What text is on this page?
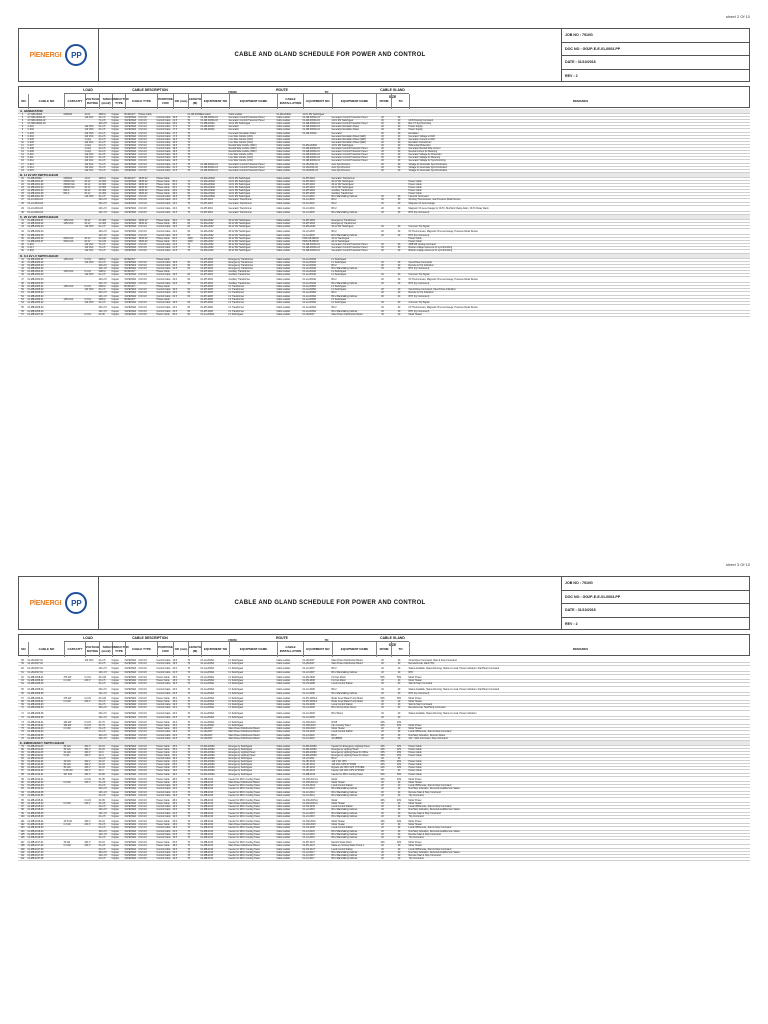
sheet 2 Of 10
PlENERGI	PP	CABLE AND GLAND SCHEDULE FOR POWER AND CONTROL
JOB NO : 7910G
DOC NO : GG2P-E-E-01-0003-PP
DATE : 31/10/2016
REV : 2
LOAD	CABLE DESCRIPTION	ROUTE	CABLE GLAND SIZE
FROM	TO
NO	CABLE NO	CAPACITY VOLTAGE RATING
SIZE (mm2)
CONDUCTOR TYPE	CABLE TYPE	PURPOSE FOR	OD (mm) LENGTH (M)	EQUIPMENT NO	EQUIPMENT NAME	CABLE INSTALLATION	EQUIPMENT NO	EQUIPMENT NAME	FROM	TO	REMARKS
A. GENERATOR
1	GT-MB-2000A	220MVA	11 kV	1000 A	Copper	BUSDUCT	Phase Cable	01-GB-2000A
Generator	Cable Ladder	01-MG-2000A	11 kV MV Switchgear
2	GT-MB-2000A-01	110 VAC	4C-2.5	Copper	XLPE/SWA	0.6/1 kV	Control Cable 19.5	70	01-GB-2000A-01	Generator Control Protection Panel	Cable Ladder	01-GB-2000A-01	Generator Control Protection Panel	20	20
3	GT-MB-2000A-02	7C-2.5	Copper	XLPE/SWA	0.6/1 kV	Control Cable 21.5	70	01-GB-2000A-02	Generator Control Protection Panel	Cable Ladder	01-GB-2000A-02	11 kV MV Switchgear	20	20	GCB Closing Command
4	GT-MB-2000A-03	10C-2.5	Copper	XLPE/SWA	0.6/1 kV	Control Cable 23.0	70	01-MB-2000A	11 kV MV Switchgear	Cable Ladder	01-GB-2000A-01	Generator Control Protection Panel	20	20	Bus VT Synchronizing
5	C-001	110 VDC	2C-2.5	Copper	XLPE/SWA	0.6/1 kV	Control Cable 17.5	70	01-GB-2000A	Generator	Cable Ladder	01-GB-2000A-01	Generator Excitation Panel	20	20	Power Supply
6	C-002	110 VDC	2C-2.5	Copper	XLPE/SWA	0.6/1 kV	Control Cable 17.5	70	01-GB-2000A	Generator	Cable Ladder	01-GB-2000A-01	Generator Excitation Panel	20	20	Power Supply
7	C-003	110 VDC	2C-2.5	Copper	XLPE/SWA	0.6/1 kV	Control Cable 17.5	70	Generator Excitation Panel	Cable Ladder	01-GB-2000A	Generator	20	20	Excitation
8	C-004	110 VDC	2C-2.5	Copper	XLPE/SWA	0.6/1 kV	Control Cable 17.5	70	Line Side Cubicle (LSC)	Cable Ladder	Generator Excitation Panel (GEP)	20	20	Generator Voltage to AVR
9	C-005	1 Amp	4C-2.5	Copper	XLPE/SWA	0.6/1 kV	Control Cable 19.5	70	Line Side Cubicle (LSC)	Cable Ladder	Generator Excitation Panel (GEP)	20	20	Generator Current to AVR
10	C-006	110 VAC	4C-2.5	Copper	XLPE/SWA	0.6/1 kV	Control Cable 19.5	70	Line Side Cubicle (LSC)	Cable Ladder	Generator Excitation Panel (GEP)	20	20	Excitation Transformer
11	C-007	1 Amp	4C-2.5	Copper	XLPE/SWA	0.6/1 kV	Control Cable 19.5	70	Neutral Side Cubicle (NSC)	Cable Ladder	01-MG-2000A	11 kV MV Switchgear	20	20	Differential Protection
12	C-008	1 Amp	4C-2.5	Copper	XLPE/SWA	0.6/1 kV	Control Cable 19.5	70	Neutral Side Cubicle (NSC)	Cable Ladder	01-GB-2000A-01	Generator Control Protection Panel	20	20	Generator Neutral Side Current
13	C-009	1 Amp	4C-2.5	Copper	XLPE/SWA	0.6/1 kV	Control Cable 19.5	70	Neutral Side Cubicle (NSC)	Cable Ladder	01-GB-2000A-01	Generator Control Protection Panel	20	20	Neutral Current for Metering
14	C-010	110 VAC	4C-2.5	Copper	XLPE/SWA	0.6/1 kV	Control Cable 19.5	70	Line Side Cubicle (LSC)	Cable Ladder	01-GB-2000A-01	Generator Control Protection Panel	20	20	Generator Voltage for Protection
15	C-011	110 VAC	4C-2.5	Copper	XLPE/SWA	0.6/1 kV	Control Cable 19.5	70	Line Side Cubicle (LSC)	Cable Ladder	01-GB-2000A-01	Generator Control Protection Panel	20	20	Generator Voltage for Metering
16	C-012	110 VAC	4C-2.5	Copper	XLPE/SWA	0.6/1 kV	Control Cable 19.5	70	Line Side Cubicle (LSC)	Cable Ladder	01-GB-2000A-01	Generator Control Protection Panel	20	20	Generator Voltage for Synchronizing
17	C-013	110 VAC	7C-2.5	Copper	XLPE/SWA	0.6/1 kV	Control Cable 21.5	70	01-GB-2000A-01	Generator Control Protection Panel	Cable Ladder	01-LB-2001-01	Auto Synchronizer	20	20	Voltage for Automatic Synchronization
18	C-014	110 VAC	7C-2.5	Copper	XLPE/SWA	0.6/1 kV	Control Cable 21.5	70	01-GB-2000A-01	Generator Control Protection Panel	Cable Ladder	01-LB-2001-02	Auto Synchronizer	20	20	Voltage for Automatic Synchronization
19	C-015	110 VAC	7C-2.5	Copper	XLPE/SWA	0.6/1 kV	Control Cable 21.5	70	01-GB-2000A-01	Generator Control Protection Panel	Cable Ladder	01-LB-2001-03	Auto Synchronizer	20	20	Voltage for Automatic Synchronization
B. 11 kV MV SWITCHGEAR
20	01-MB-2000A	220MVA	11 kV	1000 A	Copper	BUSDUCT	18/30 kV	Phase Cable	01-MG-2000A	11 kV MV Switchgear	Cable Ladder	01-MT-2001	Generator Transformer
21	01-MB-2001-01	25000 kVA	20 kV	1C-500	Copper	XLPE/SWA	18/30 kV	Phase Cable	60.0	70	01-MG-2000A	11 kV MV Switchgear	Cable Ladder	01-MT-2001	20 kV MV Switchgear	Power Cable
22	01-MB-2001-02	25000 kVA	20 kV	1C-500	Copper	XLPE/SWA	18/30 kV	Phase Cable	60.0	70	01-MG-2000A	11 kV MV Switchgear	Cable Ladder	01-MT-2001	20 kV MV Switchgear	Power Cable
23	01-MB-2001-03	25000 kVA	20 kV	1C-500	Copper	XLPE/SWA	18/30 kV	Phase Cable	60.0	70	01-MG-2000A	11 kV MV Switchgear	Cable Ladder	01-MT-2001	20 kV MV Switchgear	Power Cable
24	01-MB-2001-04	800 A	20 kV	1C-300	Copper	XLPE/SWA	18/30 kV	Phase Cable	48.0	50	01-MG-2000A	11 kV MV Switchgear	Cable Ladder	01-MT-2002	Auxiliary Transformer	Power Cable
25	01-MB-2001-05	800 A	20 kV	1C-300	Copper	XLPE/SWA	18/30 kV	Phase Cable	48.0	50	01-MG-2000A	11 kV MV Switchgear	Cable Ladder	01-MT-2002	Auxiliary Transformer	Power Cable
26	01-MB-2001-06	110 VDC	4C-2.5	Copper	XLPE/SWA	0.6/1 kV	Control Cable 19.5	70	01-MG-2000A	11 kV MV Switchgear	Cable Ladder	01-LU-2001	BCU Marshalling Cabinet	20	20	Interlock Command
27	01-LU-2001-01	10C-2.5	Copper	XLPE/SWA	0.6/1 kV	Control Cable 23.0	70	01-MT-2001	Generator Transformer	Cable Ladder	01-LU-2001	BCU	20	20	Winding Thermometer, Gas Pressure Relief Device
28	01-LU-2001-02	10C-2.5	Copper	XLPE/SWA	0.6/1 kV	Control Cable 23.0	70	01-MT-2001	Generator Transformer	Cable Ladder	01-LU-2001	BCU	20	20	Magnetic Oil Level Gauge
29	01-LU-2001-03	10C-2.5	Copper	XLPE/SWA	0.6/1 kV	Control Cable 23.0	70	01-MT-2001	Generator Transformer	Cable Ladder	01-LU-2001	BCU	20	20	Magnetic Oil Level Gauge for OLTC, Buchholz Relay Alarm, OLTC Relay Alarm
30	01-LU-2001-04	12C-1.5	Copper	XLPE/SWA	0.6/1 kV	Control Cable 22.5	70	01-MT-2001	Generator Transformer	Cable Ladder	01-LU-2001	BCU Marshalling Cabinet	20	20	RTD (by Instrument)
C. 20 kV MV SWITCHGEAR
31	01-MB-2002-01	1250 kVA	20 kV	1C-300	Copper	XLPE/SWA	18/30 kV	Phase Cable	48.0	60	01-MG-2002	20 kV MV Switchgear	Cable Ladder	01-MT-2003	Emergency Transformer
32	01-MB-2002-02	1250 kVA	20 kV	1C-300	Copper	XLPE/SWA	18/30 kV	Phase Cable	48.0	60	01-MG-2002	20 kV MV Switchgear	Cable Ladder	01-MT-2003	Emergency Transformer
33	01-MB-2002-03	110 VDC	4C-2.5	Copper	XLPE/SWA	0.6/1 kV	Control Cable 19.5	60	01-MG-2002	20 kV MV Switchgear	Cable Ladder	01-MG-2002	20 kV MV Switchgear	20	20	Common Trip Signal
34	01-MB-2002-04	10C-2.5	Copper	XLPE/SWA	0.6/1 kV	Control Cable 23.0	60	01-MG-2002	20 kV MV Switchgear	Cable Ladder	01-LU-2003	BCU	20	20	Oil Thermometer, Magnetic Oil Level Gauge, Pressure Relief Device
35	01-MB-2002-05	12C-1.5	Copper	XLPE/SWA	0.6/1 kV	Control Cable 22.5	60	01-MG-2002	20 kV MV Switchgear	Cable Ladder	01-LU-2003	BCU Marshalling Cabinet	20	20	RTD (by Instrument)
36	01-MB-2002-06	2000 kVA	20 kV	3C-120	Copper	XLPE/SWA	18/30 kV	Phase Cable	60.0	1000	01-MG-2002	20 kV MV Switchgear	Cable Ladder	PRD-CB-MB-02	20 kV Switchgear	Power Cable
37	01-MB-2002-07	2000 kVA	20 kV	3C-120	Copper	XLPE/SWA	18/30 kV	Phase Cable	60.0	1000	01-MG-2002	20 kV MV Switchgear	Cable Ladder	PRD-CB-MB-02	20 kV Switchgear	Power Cable
38	C-016	110 VAC	7C-2.5	Copper	XLPE/SWA	0.6/1 kV	Control Cable 21.5	70	01-MG-2002	20 kV MV Switchgear	Cable Ladder	01-GB-2000A-01	Generator Control Protection Panel	20	20	GBB CB closing command
39	C-017	110 VAC	7C-2.5	Copper	XLPE/SWA	0.6/1 kV	Control Cable 21.5	70	01-MG-2002	20 kV MV Switchgear	Cable Ladder	01-GB-2000A-01	Generator Control Protection Panel	20	20	Busbar voltage reference for synchronizing
40	C-018	110 VAC	7C-2.5	Copper	XLPE/SWA	0.6/1 kV	Control Cable 21.5	70	01-MG-2002	20 kV MV Switchgear	Cable Ladder	01-GB-2000A-01	Generator Control Protection Panel	20	20	Busbar voltage reference for synchronizing
D. 0.4 kV LV SWITCHGEAR
41	01-MB-2003-01	1250 kVA	0.4 kV	1000 A	Copper	BUSDUCT	Phase Cable	01-MT-2003	Emergency Transformer	Cable Ladder	01-LA-2003A	LV Switchgear
42	01-MB-2003-02	110 VDC	4C-2.5	Copper	XLPE/SWA	0.6/1 kV	Control Cable 19.5	60	01-MT-2003	Emergency Transformer	Cable Ladder	01-LA-2003A	LV Switchgear	20	20	Open/Close Command
43	01-MB-2003-03	10C-2.5	Copper	XLPE/SWA	0.6/1 kV	Control Cable 23.0	60	01-MT-2003	Emergency Transformer	Cable Ladder	01-LA-2003A	BCU	20	20	Remote & Trip Indication
44	01-MB-2003-04	12C-1.5	Copper	XLPE/SWA	0.6/1 kV	Control Cable 22.5	60	01-MT-2003	Emergency Transformer	Cable Ladder	01-LA-2003A	BCU Marshalling Cabinet	20	20	RTD (by Instrument)
45	01-MB-2004-01	1250 kVA	0.4 kV	1000 A	Copper	BUSDUCT	Phase Cable	01-MT-2004	Auxiliary Transformer	Cable Ladder	01-LA-2004A	LV Switchgear
46	01-MB-2004-02	110 VDC	4C-2.5	Copper	XLPE/SWA	0.6/1 kV	Control Cable 19.5	60	01-MT-2004	Auxiliary Transformer	Cable Ladder	01-LA-2004A	LV Switchgear	20	20	Common Trip Signal
47	01-MB-2004-03	10C-2.5	Copper	XLPE/SWA	0.6/1 kV	Control Cable 23.0	60	01-MT-2004	Auxiliary Transformer	Cable Ladder	01-LA-2004A	BCU	20	20	Oil Thermometer, Magnetic Oil Level Gauge, Pressure Relief Device
48	01-MB-2004-04	12C-1.5	Copper	XLPE/SWA	0.6/1 kV	Control Cable 22.5	60	01-MT-2004	Auxiliary Transformer	Cable Ladder	01-LA-2004A	BCU Marshalling Cabinet	20	20	RTD (by Instrument)
49	01-MB-2005-01	1250 kVA	0.4 kV	1000 A	Copper	BUSDUCT	Phase Cable	01-MT-2005	LV Transformer	Cable Ladder	01-LA-2005A	LV Switchgear
50	01-MB-2005-02	110 VDC	4C-2.5	Copper	XLPE/SWA	0.6/1 kV	Control Cable 19.5	60	01-MT-2005	LV Transformer	Cable Ladder	01-LA-2005A	LV Switchgear	20	20	Open/Close Command, Open/Close Indication
51	01-MB-2005-03	10C-2.5	Copper	XLPE/SWA	0.6/1 kV	Control Cable 23.0	60	01-MT-2005	LV Transformer	Cable Ladder	01-LA-2005A	BCU	20	20	Remote & Trip Indication
52	01-MB-2005-04	12C-1.5	Copper	XLPE/SWA	0.6/1 kV	Control Cable 22.5	60	01-MT-2005	LV Transformer	Cable Ladder	01-LA-2005A	BCU Marshalling Cabinet	20	20	RTD (by Instrument)
53	01-MB-2006-01	1250 kVA	0.4 kV	1000 A	Copper	BUSDUCT	Phase Cable	01-MT-2006	LV Transformer	Cable Ladder	01-LA-2006A	LV Switchgear
54	01-MB-2006-02	110 VDC	4C-2.5	Copper	XLPE/SWA	0.6/1 kV	Control Cable 19.5	60	01-MT-2006	LV Transformer	Cable Ladder	01-LA-2006A	LV Switchgear	20	20	Common Trip Signal
55	01-MB-2006-03	10C-2.5	Copper	XLPE/SWA	0.6/1 kV	Control Cable 23.0	60	01-MT-2006	LV Transformer	Cable Ladder	01-LA-2006A	BCU	20	20	Oil Thermometer, Magnetic Oil Level Gauge, Pressure Relief Device
56	01-MB-2006-04	12C-1.5	Copper	XLPE/SWA	0.6/1 kV	Control Cable 22.5	60	01-MT-2006	LV Transformer	Cable Ladder	01-LA-2006A	BCU Marshalling Cabinet	20	20	RTD (by Instrument)
57	01-MB-2007-01	0.4 kV	4C-50	Copper	XLPE/SWA	0.6/1 kV	Power Cable	30.0	60	01-LA-2006A	LV Switchgear	Cable Ladder	01-LB-2007	Main Power Distribution Board	40	40	Motor Heater
sheet 3 Of 10
PlENERGI	PP	CABLE AND GLAND SCHEDULE FOR POWER AND CONTROL
JOB NO : 7910G
DOC NO : GG2P-E-E-01-0003-PP
DATE : 31/10/2016
REV : 2
LOAD	CABLE DESCRIPTION	ROUTE	CABLE GLAND SIZE
FROM	TO
NO	CABLE NO	CAPACITY VOLTAGE RATING
SIZE (mm2)
CONDUCTOR TYPE	CABLE TYPE	PURPOSE FOR	OD (mm) LENGTH (M)	EQUIPMENT NO	EQUIPMENT NAME	CABLE INSTALLATION	EQUIPMENT NO	EQUIPMENT NAME	FROM	TO	REMARKS
58	01-LB-2007-01	110 VDC	4C-2.5	Copper	XLPE/SWA	0.6/1 kV	Control Cable 19.5	70	01-LA-2006A	LV Switchgear	Cable Ladder	01-LB-2007	Main Power Distribution Board	20	20	Close/Open Command, Start & Stop Command
59	01-LB-2007-02	4C-2.5	Copper	XLPE/SWA	0.6/1 kV	Control Cable 19.5	70	01-LA-2006A	LV Switchgear	Cable Ladder	01-LB-2007	Main Power Distribution Board	20	20	Remote/Local, Alarm/Trip
60	01-LB-2007-03	10C-2.5	Copper	XLPE/SWA	0.6/1 kV	Control Cable 23.0	70	01-LA-2006A	LV Switchgear	Cable Ladder	01-LU-2007	BCU	20	20	Status Available, Status Running, Status in Local, Power Indication, Start/Stop Command
61	01-LB-2007-04	12C-1.5	Copper	XLPE/SWA	0.6/1 kV	Control Cable 22.5	70	01-LA-2006A	LV Switchgear	Cable Ladder	01-LU-2007	BCU Marshalling Cabinet	20	20	RTD
62	01-MB-2008-01	375 kW	0.4 kV	3C-120	Copper	XLPE/SWA	0.6/1 kV	Power Cable	38.0	70	01-LA-2006A	LV Switchgear	Cable Ladder	01-FN-2008	Fin Fan Motor	50S	50S	Motor Power
63	01-MB-2008-02	0.3 kW	230 V	3C-2.5	Copper	XLPE/SWA	0.6/1 kV	Power Cable	18.0	70	01-LA-2006A	LV Switchgear	Cable Ladder	01-FN-2008	Fin Fan Motor	20	20	Motor Heater
64	01-MB-2008-03	4C-2.5	Copper	XLPE/SWA	0.6/1 kV	Control Cable 19.5	70	01-LA-2006A	LV Switchgear	Cable Ladder	01-CS-2008	Local Control Station	20	20	Start & Stop Command
65	01-MB-2008-04	10C-2.5	Copper	XLPE/SWA	0.6/1 kV	Control Cable 23.0	70	01-LA-2006A	LV Switchgear	Cable Ladder	01-LU-2008	BCU	20	20	Status Available, Status Running, Status in Local, Power Indication, Start/Stop Command
66	01-MB-2008-05	12C-1.5	Copper	XLPE/SWA	0.6/1 kV	Control Cable 22.5	70	01-LA-2006A	LV Switchgear	Cable Ladder	01-LU-2008	BCU Marshalling Cabinet	20	20	RTD (by Instrument)
67	01-MB-2009-01	375 kW	0.4 kV	3C-120	Copper	XLPE/SWA	0.6/1 kV	Power Cable	38.0	70	01-LA-2006A	LV Switchgear	Cable Ladder	01-PU-2009-A	Boiler Feed Water Pump Motor	50S	50S	Motor Power
68	01-MB-2009-02	0.3 kW	230 V	3C-2.5	Copper	XLPE/SWA	0.6/1 kV	Power Cable	18.0	70	01-LA-2006A	LV Switchgear	Cable Ladder	01-PU-2009-A	Boiler Feed Water Pump Motor	20	20	Motor Heater
69	01-MB-2009-03	4C-2.5	Copper	XLPE/SWA	0.6/1 kV	Control Cable 19.5	70	01-LA-2006A	LV Switchgear	Cable Ladder	01-CS-2009	Local Control Station	20	20	Start & Stop Command
70	01-MB-2009-04	10C-2.5	Copper	XLPE/SWA	0.6/1 kV	Control Cable 23.0	70	01-LA-2006A	LV Switchgear	Cable Ladder	01-LU-2009	BCU Pump Motor Room	20	20	Remote/Local, Start/Stop Command
71	01-MB-2009-05	10C-2.5	Copper	XLPE/SWA	0.6/1 kV	Control Cable 23.0	70	01-LA-2006A	LV Switchgear	Cable Ladder	01-LU-2009	BCU Room	20	20	Status Available, Status Running, Status in Local, Power Indication
72	01-MB-2009-06	12C-1.5	Copper	XLPE/SWA	0.6/1 kV	Control Cable 22.5	70	01-LA-2006A	LV Switchgear	Cable Ladder	01-LU-2009	20	20
73	01-MB-2010-01	160 kW	0.4 kV	3C-70	Copper	XLPE/SWA	0.6/1 kV	Power Cable	32.0	70	01-LA-2006A	LV Switchgear	Cable Ladder	01-CW-2010	RV25	40S	40S
74	01-MB-2010-02	160 kW	0.4 kV	3C-70	Copper	XLPE/SWA	0.6/1 kV	Power Cable	32.0	70	01-LA-2006A	LV Switchgear	Cable Ladder	01-CW-2010	Fan Cooling Tower	40S	40S	Motor Power
75	01-MB-2010-03	0.3 kW	230 V	3C-2.5	Copper	XLPE/SWA	0.6/1 kV	Power Cable	18.0	70	01-LB-2007	Main Power Distribution Board	Cable Ladder	01-CW-2010	Motor Heater	20	20	Motor Heater
76	01-MB-2010-04	4C-2.5	Copper	XLPE/SWA	0.6/1 kV	Control Cable 19.5	70	01-LB-2007	Main Power Distribution Board	Cable Ladder	01-CS-2010	Local Control Station	20	20	Local Off/Remote, Start & Stop Command
77	01-MB-2010-05	10C-2.5	Copper	XLPE/SWA	0.6/1 kV	Control Cable 23.0	70	01-LB-2007	Main Power Distribution Board	Cable Ladder	01-LU-2010	BCU	20	20	Run/Stop Indication, Remote Status
78	01-MB-2010-06	12C-1.5	Copper	XLPE/SWA	0.6/1 kV	Control Cable 22.5	70	01-LB-2007	Main Power Distribution Board	Cable Ladder	01-LU-2010	ACUB/RM	20	20	CW - Start Command, Stop Command
E. EMERGENCY SWITCHGEAR
79	01-MB-2011-01	30 kVA	400 V	4C-16	Copper	XLPE/SWA	0.6/1 kV	Power Cable	25.0	70	01-MA-2006A	Emergency Switchgear	Cable Ladder	01-MA-2006A	Feeder for Emergency Lighting Panel	32S	32S	Power Cable
80	01-MB-2011-02	30 kVA	400 V	4C-16	Copper	XLPE/SWA	0.6/1 kV	Power Cable	25.0	70	01-MA-2006A	Emergency Switchgear	Cable Ladder	01-MA-2006A	Emergency Lighting Panel	32S	32S	Power Cable
81	01-MB-2011-03	10 kVA	400 V	4C-6	Copper	XLPE/SWA	0.6/1 kV	Power Cable	21.0	70	01-MA-2006A	Emergency Lighting Panel	Cable Ladder	01-MA-2006A	Emergency Lighting Panel for Office	25S	25S	Power Cable
82	01-MB-2011-04	5 kVA	400 V	4C-4	Copper	XLPE/SWA	0.6/1 kV	Power Cable	20.0	70	01-MA-2006A	Emergency Lighting Panel	Cable Ladder	01-MA-2006A	Emergency Lighting Panel for Street	25S	25S	Power Cable
83	01-MB-2011-05	4C-2.5	Copper	XLPE/SWA	0.6/1 kV	Control Cable 19.5	70	01-MA-2006A	Emergency Switchgear	Cable Ladder	01-LU-2011	BCU	20	20
84	01-MB-2012-01	15 kVA	400 V	4C-10	Copper	XLPE/SWA	0.6/1 kV	Power Cable	22.0	70	01-MA-2006A	Emergency Switchgear	Cable Ladder	01-UP-2012	110 V DC UPS	25S	25S	Power Cable
85	01-MB-2012-02	30 kVA	400 V	4C-16	Copper	XLPE/SWA	0.6/1 kV	Power Cable	25.0	70	01-MA-2006A	Emergency Switchgear	Cable Ladder	01-UP-2012	110 VDC UPS SYSTEM	32S	32S	Power Cable
86	01-MB-2012-03	30 kVA	400 V	4C-16	Copper	XLPE/SWA	0.6/1 kV	Power Cable	25.0	70	01-MA-2006A	Emergency Switchgear	Cable Ladder	01-UP-2012	Bypass 110 VDC UPS SYSTEM	32S	32S	Power Cable
87	01-MB-2012-04	0.35 kVA	230 V	3C-4	Copper	XLPE/SWA	0.6/1 kV	Power Cable	19.0	70	01-MA-2006A	Emergency Switchgear	Cable Ladder	01-UP-2012	Feeder 110 VDC UPS SYSTEM	20	20	Power Cable
88	01-MB-2013-01	167 kVA	400 V	4C-95	Copper	XLPE/SWA	0.6/1 kV	Power Cable	36.0	70	01-MA-2006A	Emergency Switchgear	Cable Ladder	01-MB-2013	Feeder for MCC Cooling Tower	50S	50S	Power Cable
89	01-MB-2014-01	0.4 kV	3C-35	Copper	XLPE/SWA	0.6/1 kV	Power Cable	28.0	70	01-MB-2013	Feeder for MCC Cooling Tower	Cable Ladder	01-CW-2014-A	Motor	40S	40S	Motor Power
90	01-MB-2014-02	0.3 kW	230 V	3C-2.5	Copper	XLPE/SWA	0.6/1 kV	Power Cable	18.0	70	01-MB-2013	Main Power Distribution Board	Cable Ladder	01-CW-2014-A	Motor Heater	20	20	Motor Heater
91	01-MB-2014-03	4C-2.5	Copper	XLPE/SWA	0.6/1 kV	Control Cable 19.5	70	01-MB-2013	Feeder for MCC Cooling Tower	Cable Ladder	01-CS-2014	Local Control Station	20	20	Local Off/Remote, Start & Stop Command
92	01-MB-2014-04	10C-2.5	Copper	XLPE/SWA	0.6/1 kV	Control Cable 23.0	70	01-MB-2013	Feeder for MCC Cooling Tower	Cable Ladder	01-LU-2014	BCU Marshalling Cabinet	20	20	Run/Stop Indication, Remote/Local/Remote Status
93	01-MB-2014-05	12C-1.5	Copper	XLPE/SWA	0.6/1 kV	Control Cable 22.5	70	01-MB-2013	Feeder for MCC Cooling Tower	Cable Ladder	01-LU-2014	BCU Marshalling Cabinet	20	20	Remote Start & Stop Command
94	01-MB-2014-06	4C-2.5	Copper	XLPE/SWA	0.6/1 kV	Control Cable 19.5	70	01-MB-2013	Feeder for MCC Cooling Tower	Cable Ladder	01-LU-2014	BCU Marshalling Cabinet	20	20	Trip Command
95	01-MB-2015-01	0.4 kV	3C-35	Copper	XLPE/SWA	0.6/1 kV	Power Cable	28.0	70	01-MB-2013	Feeder for MCC Cooling Tower	Cable Ladder	01-CW-2015-A	Motor	40S	40S	Motor Power
96	01-MB-2015-02	0.3 kW	230 V	3C-2.5	Copper	XLPE/SWA	0.6/1 kV	Power Cable	18.0	70	01-MB-2013	Main Power Distribution Board	Cable Ladder	01-CW-2015-A	Motor Heater	20	20	Motor Heater
97	01-MB-2015-03	4C-2.5	Copper	XLPE/SWA	0.6/1 kV	Control Cable 19.5	70	01-MB-2013	Feeder for MCC Cooling Tower	Cable Ladder	01-CS-2015	Local Control Station	20	20	Local Off/Remote, Start & Stop Command
98	01-MB-2015-04	10C-2.5	Copper	XLPE/SWA	0.6/1 kV	Control Cable 23.0	70	01-MB-2013	Feeder for MCC Cooling Tower	Cable Ladder	01-LU-2015	BCU Marshalling Cabinet	20	20	Run/Stop Indication, Remote/Local/Remote Status
99	01-MB-2015-05	12C-1.5	Copper	XLPE/SWA	0.6/1 kV	Control Cable 22.5	70	01-MB-2013	Feeder for MCC Cooling Tower	Cable Ladder	01-LU-2015	BCU Marshalling Cabinet	20	20	Remote Start & Stop Command
100	01-MB-2015-06	4C-2.5	Copper	XLPE/SWA	0.6/1 kV	Control Cable 19.5	70	01-MB-2013	Feeder for MCC Cooling Tower	Cable Ladder	01-LU-2015	BCU Marshalling Cabinet	20	20	Trip Command
101	01-MB-2016-01	15.5 kW	400 V	3C-16	Copper	XLPE/SWA	0.6/1 kV	Power Cable	25.0	70	01-MB-2013	Feeder for MCC Cooling Tower	Cable Ladder	01-CW-2016	Motor Heater	32S	32S	Motor Power
102	01-MB-2016-02	0.3 kW	230 V	3C-2.5	Copper	XLPE/SWA	0.6/1 kV	Power Cable	18.0	70	01-MB-2013	Main Power Distribution Board	Cable Ladder	01-CW-2016	Motor Heater	20	20	Motor Heater
103	01-MB-2016-03	4C-2.5	Copper	XLPE/SWA	0.6/1 kV	Control Cable 19.5	70	01-MB-2013	Feeder for MCC Cooling Tower	Cable Ladder	01-CS-2016	Local Control Station	20	20	Local Off/Remote, Start & Stop Command
104	01-MB-2016-04	10C-2.5	Copper	XLPE/SWA	0.6/1 kV	Control Cable 23.0	70	01-MB-2013	Feeder for MCC Cooling Tower	Cable Ladder	01-LU-2016	BCU Marshalling Cabinet	20	20	Run/Stop Indication, Remote/Local/Remote Status
105	01-MB-2016-05	12C-1.5	Copper	XLPE/SWA	0.6/1 kV	Control Cable 22.5	70	01-MB-2013	Feeder for MCC Cooling Tower	Cable Ladder	01-LU-2016	BCU Marshalling Cabinet	20	20	Remote Start & Stop Command
106	01-MB-2016-06	4C-2.5	Copper	XLPE/SWA	0.6/1 kV	Control Cable 19.5	70	01-MB-2013	Feeder for MCC Cooling Tower	Cable Ladder	01-LU-2016	BCU Marshalling Cabinet	20	20	Trip Command
107	01-MB-2017-01	15 kW	400 V	3C-16	Copper	XLPE/SWA	0.6/1 kV	Power Cable	25.0	70	01-MB-2013	Feeder for MCC Cooling Tower	Cable Ladder	01-PU-2017	Electric Drain Motor	32S	32S	Motor Power
108	01-MB-2017-02	0.3 kW	230 V	3C-2.5	Copper	XLPE/SWA	0.6/1 kV	Power Cable	18.0	70	01-MB-2013	Main Power Distribution Board	Cable Ladder	01-PU-2017	Make-up Cooling Water Pump 1	20	20	Motor Heater
109	01-MB-2017-03	4C-2.5	Copper	XLPE/SWA	0.6/1 kV	Control Cable 19.5	70	01-MB-2013	Feeder for MCC Cooling Tower	Cable Ladder	01-CS-2017	Local Control Station	20	20	Local Off/Remote, Start & Stop Command
110	01-MB-2017-04	10C-2.5	Copper	XLPE/SWA	0.6/1 kV	Control Cable 23.0	70	01-MB-2013	Feeder for MCC Cooling Tower	Cable Ladder	01-LU-2017	BCU Marshalling Cabinet	20	20	Run/Stop Indication, Remote/Local/Remote Status
111	01-MB-2017-05	12C-1.5	Copper	XLPE/SWA	0.6/1 kV	Control Cable 22.5	70	01-MB-2013	Feeder for MCC Cooling Tower	Cable Ladder	01-LU-2017	BCU Marshalling Cabinet	20	20	Remote Start & Stop Command
112	01-MB-2017-06	4C-2.5	Copper	XLPE/SWA	0.6/1 kV	Control Cable 19.5	70	01-MB-2013	Feeder for MCC Cooling Tower	Cable Ladder	01-LU-2017	BCU Marshalling Cabinet	20	20	Trip Command
